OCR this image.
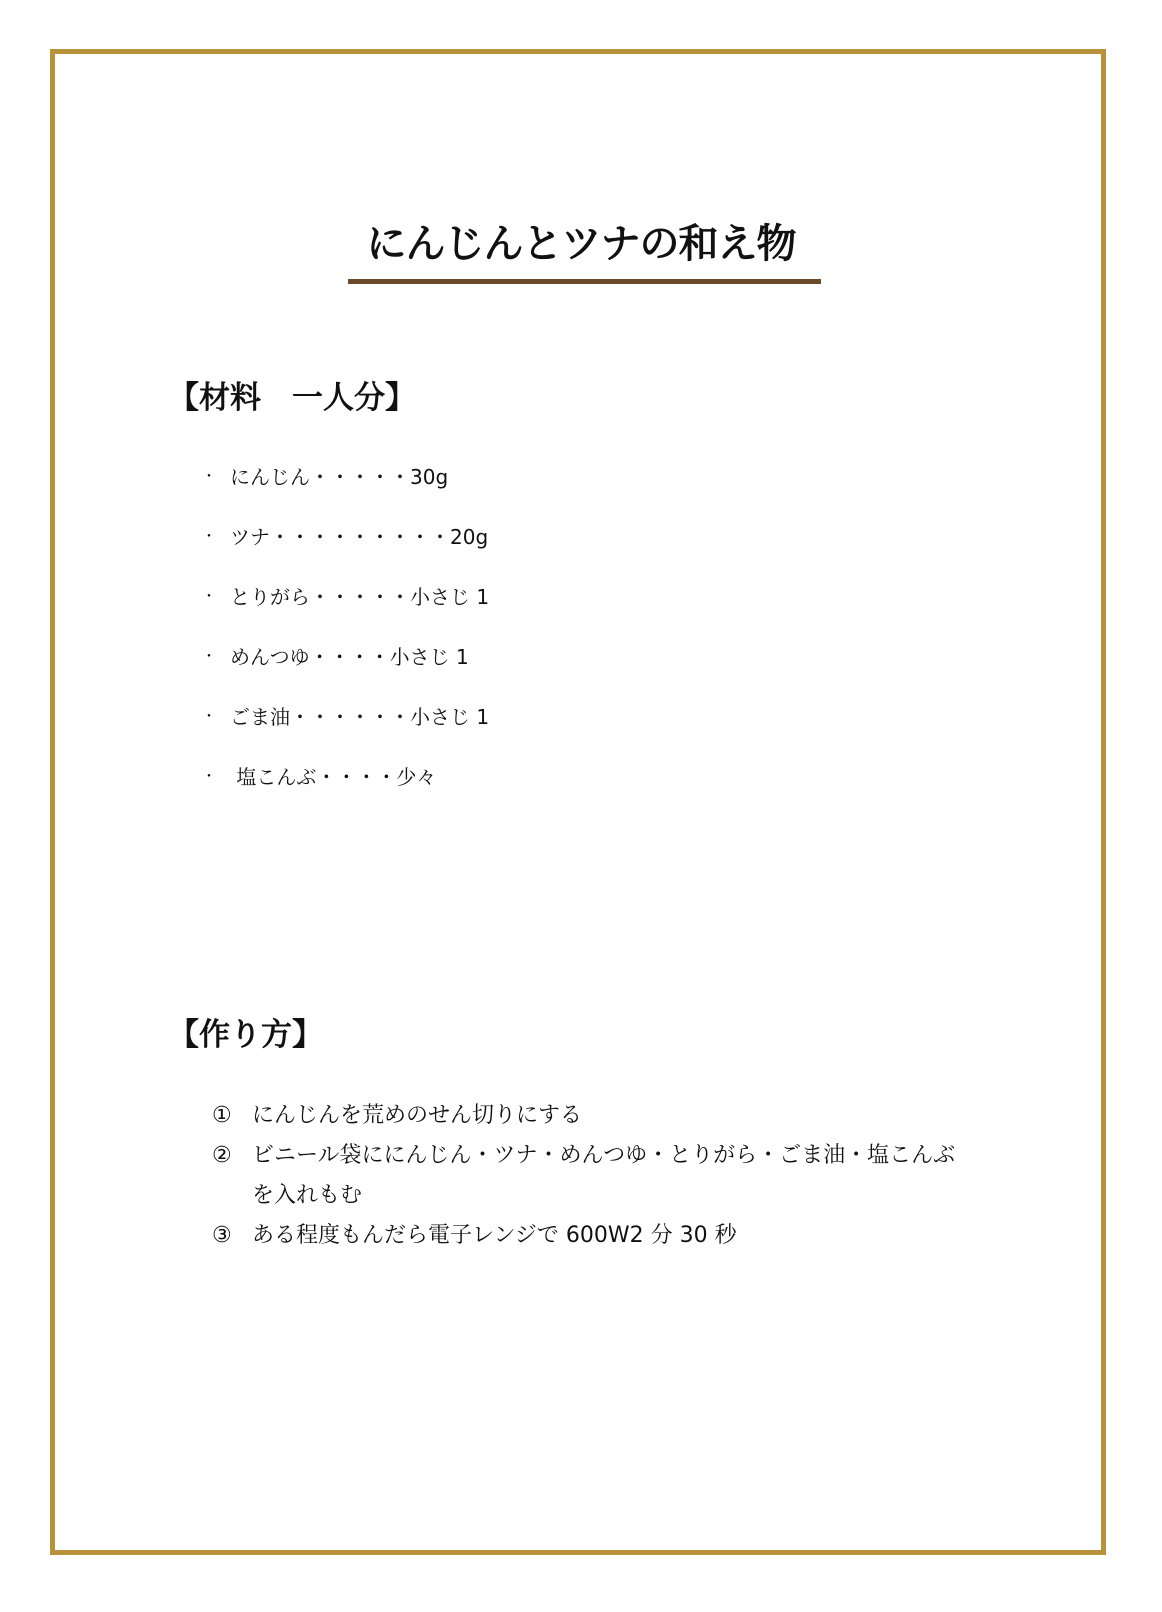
にんじんとツナの和え物
【材料　一人分】
・ にんじん・・・・・30g
・ ツナ・・・・・・・・・20g
・ とりがら・・・・・小さじ 1
・ めんつゆ・・・・小さじ 1
・ ごま油・・・・・・小さじ 1
・ 塩こんぶ・・・・少々
【作り方】
① にんじんを荒めのせん切りにする
② ビニール袋ににんじん・ツナ・めんつゆ・とりがら・ごま油・塩こんぶを入れもむ
③ ある程度もんだら電子レンジで 600W2 分 30 秒
